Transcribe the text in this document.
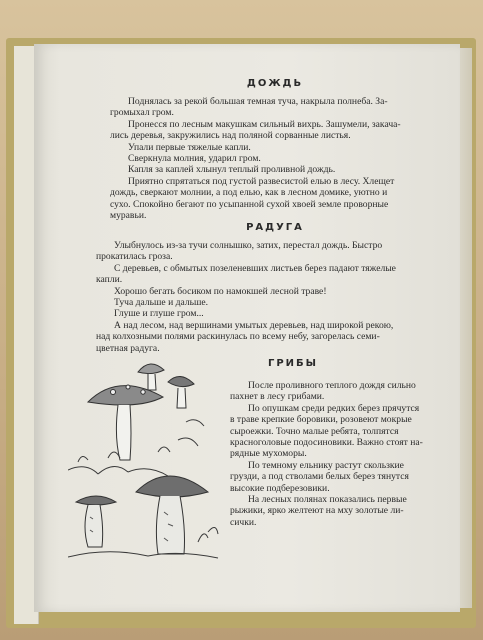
ДОЖДЬ

Поднялась за рекой большая темная туча, накрыла полнеба. За-

громыхал гром.

Пронесся по лесным макушкам сильный вихрь. Зашумели, закача-

лись деревья, закружились над поляной сорванные листья.

Упали первые тяжелые капли.

Сверкнула молния, ударил гром.

Капля за каплей хлынул теплый проливной дождь.

Приятно спрятаться под густой развесистой елью в лесу. Хлещет

дождь, сверкают молнии, а под елью, как в лесном домике, уютно и

сухо. Спокойно бегают по усыпанной сухой хвоей земле проворные

муравьи.

РАДУГА

Улыбнулось из-за тучи солнышко, затих, перестал дождь. Быстро

прокатилась гроза.

С деревьев, с обмытых позеленевших листьев берез падают тяжелые

капли.

Хорошо бегать босиком по намокшей лесной траве!

Туча дальше и дальше.

Глуше и глуше гром...

А над лесом, над вершинами умытых деревьев, над широкой рекою,

над колхозными полями раскинулась по всему небу, загорелась семи-

цветная радуга.

ГРИБЫ

После проливного теплого дождя сильно

пахнет в лесу грибами.

По опушкам среди редких берез прячутся

в траве крепкие боровики, розовеют мокрые

сыроежки. Точно малые ребята, толпятся

красноголовые подосиновики. Важно стоят на-

рядные мухоморы.

По темному ельнику растут скользкие

грузди, а под стволами белых берез тянутся

высокие подберезовики.

На лесных полянах показались первые

рыжики, ярко желтеют на мху золотые ли-

сички.
